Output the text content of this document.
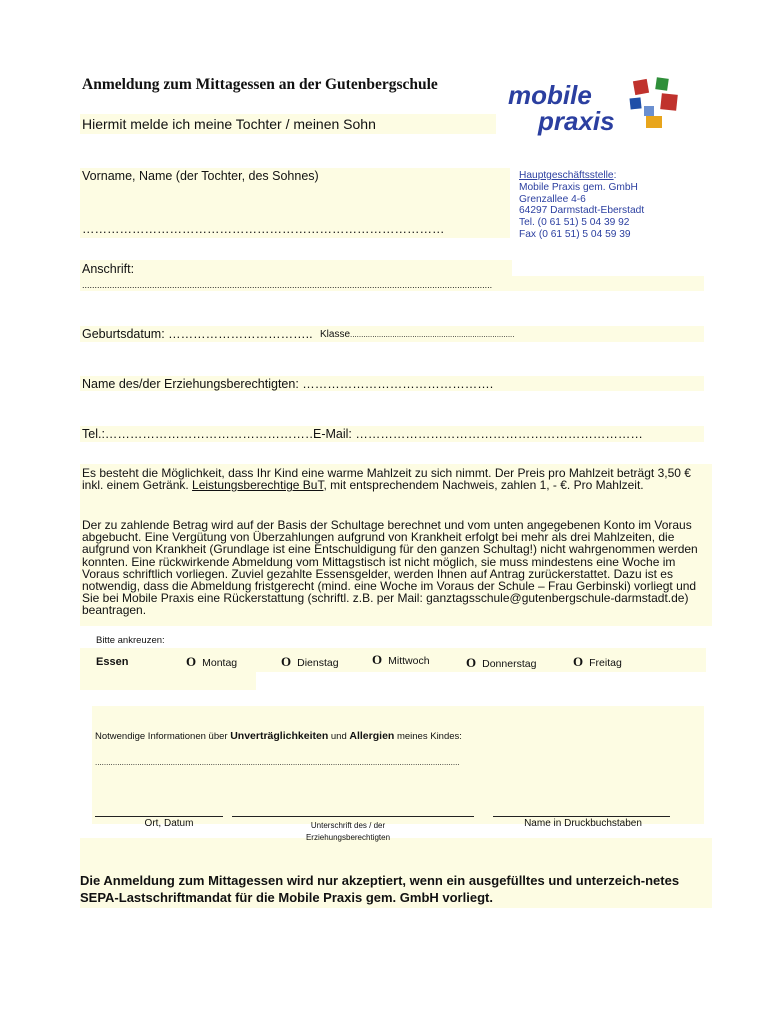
Anmeldung zum Mittagessen an der Gutenbergschule
Hiermit melde ich meine Tochter / meinen Sohn
mobile
praxis
Hauptgeschäftsstelle:
Mobile Praxis gem. GmbH
Grenzallee 4-6
64297 Darmstadt-Eberstadt
Tel. (0 61 51) 5 04 39 92
Fax (0 61 51) 5 04 59 39
Vorname, Name (der Tochter, des Sohnes)
……………………………………………………………………………
Anschrift:
....................................................................................................................................................................
Geburtsdatum: …………………………….. Klasse..........................................................................
Name des/der Erziehungsberechtigten: ……………………………………….
Tel.:……………………………………………
E-Mail: ……………………………………………………………
Es besteht die Möglichkeit, dass Ihr Kind eine warme Mahlzeit zu sich nimmt. Der Preis pro Mahlzeit beträgt 3,50 € inkl. einem Getränk. Leistungsberechtige BuT, mit entsprechendem Nachweis, zahlen 1, - €. Pro Mahlzeit.
Der zu zahlende Betrag wird auf der Basis der Schultage berechnet und vom unten angegebenen Konto im Voraus abgebucht. Eine Vergütung von Überzahlungen aufgrund von Krankheit erfolgt bei mehr als drei Mahlzeiten, die aufgrund von Krankheit (Grundlage ist eine Entschuldigung für den ganzen Schultag!) nicht wahrgenommen werden konnten. Eine rückwirkende Abmeldung vom Mittagstisch ist nicht möglich, sie muss mindestens eine Woche im Voraus schriftlich vorliegen. Zuviel gezahlte Essensgelder, werden Ihnen auf Antrag zurückerstattet. Dazu ist es notwendig, dass die Abmeldung fristgerecht (mind. eine Woche im Voraus der Schule – Frau Gerbinski) vorliegt und Sie bei Mobile Praxis eine Rückerstattung (schriftl. z.B. per Mail: ganztagsschule@gutenbergschule-darmstadt.de) beantragen.
Bitte ankreuzen:
Essen	O Montag	O Dienstag	O Mittwoch	O Donnerstag	O Freitag
Notwendige Informationen über Unverträglichkeiten und Allergien meines Kindes:
....................................................................................................................................................................
Ort, Datum	Unterschrift des / der
Erziehungsberechtigten
Name in Druckbuchstaben
Die Anmeldung zum Mittagessen wird nur akzeptiert, wenn ein ausgefülltes und unterzeich-netes SEPA-Lastschriftmandat für die Mobile Praxis gem. GmbH vorliegt.
